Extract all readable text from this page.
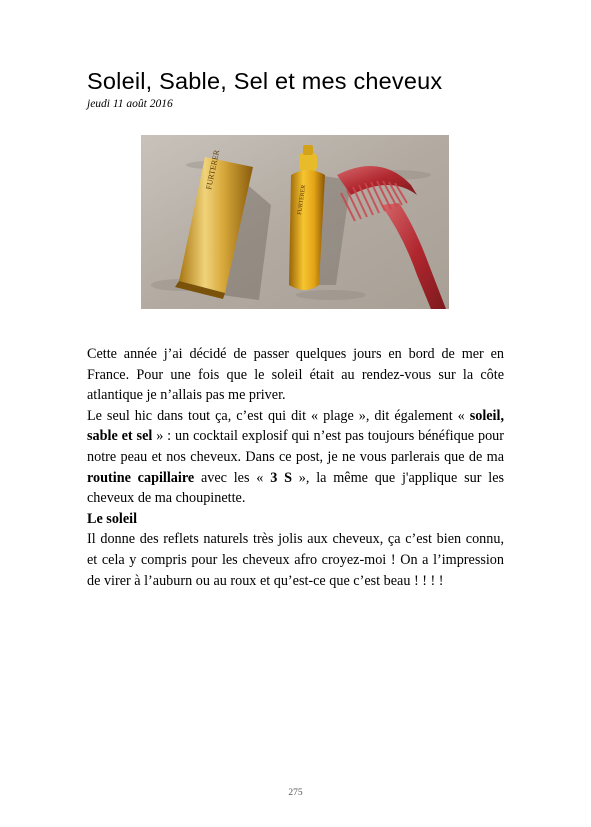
Soleil, Sable, Sel et mes cheveux
jeudi 11 août 2016
FURTERER
FURTERER

Cette année j’ai décidé de passer quelques jours en bord de mer en France. Pour une fois que le soleil était au rendez-vous sur la côte atlantique je n’allais pas me priver.

Le seul hic dans tout ça, c’est qui dit « plage », dit également « soleil, sable et sel » : un cocktail explosif qui n’est pas toujours bénéfique pour notre peau et nos cheveux. Dans ce post, je ne vous parlerais que de ma routine capillaire avec les « 3 S », la même que j'applique sur les cheveux de ma choupinette.

Le soleil

Il donne des reflets naturels très jolis aux cheveux, ça c’est bien connu, et cela y compris pour les cheveux afro croyez-moi ! On a l’impression de virer à l’auburn ou au roux et qu’est-ce que c’est beau ! ! ! !

275
